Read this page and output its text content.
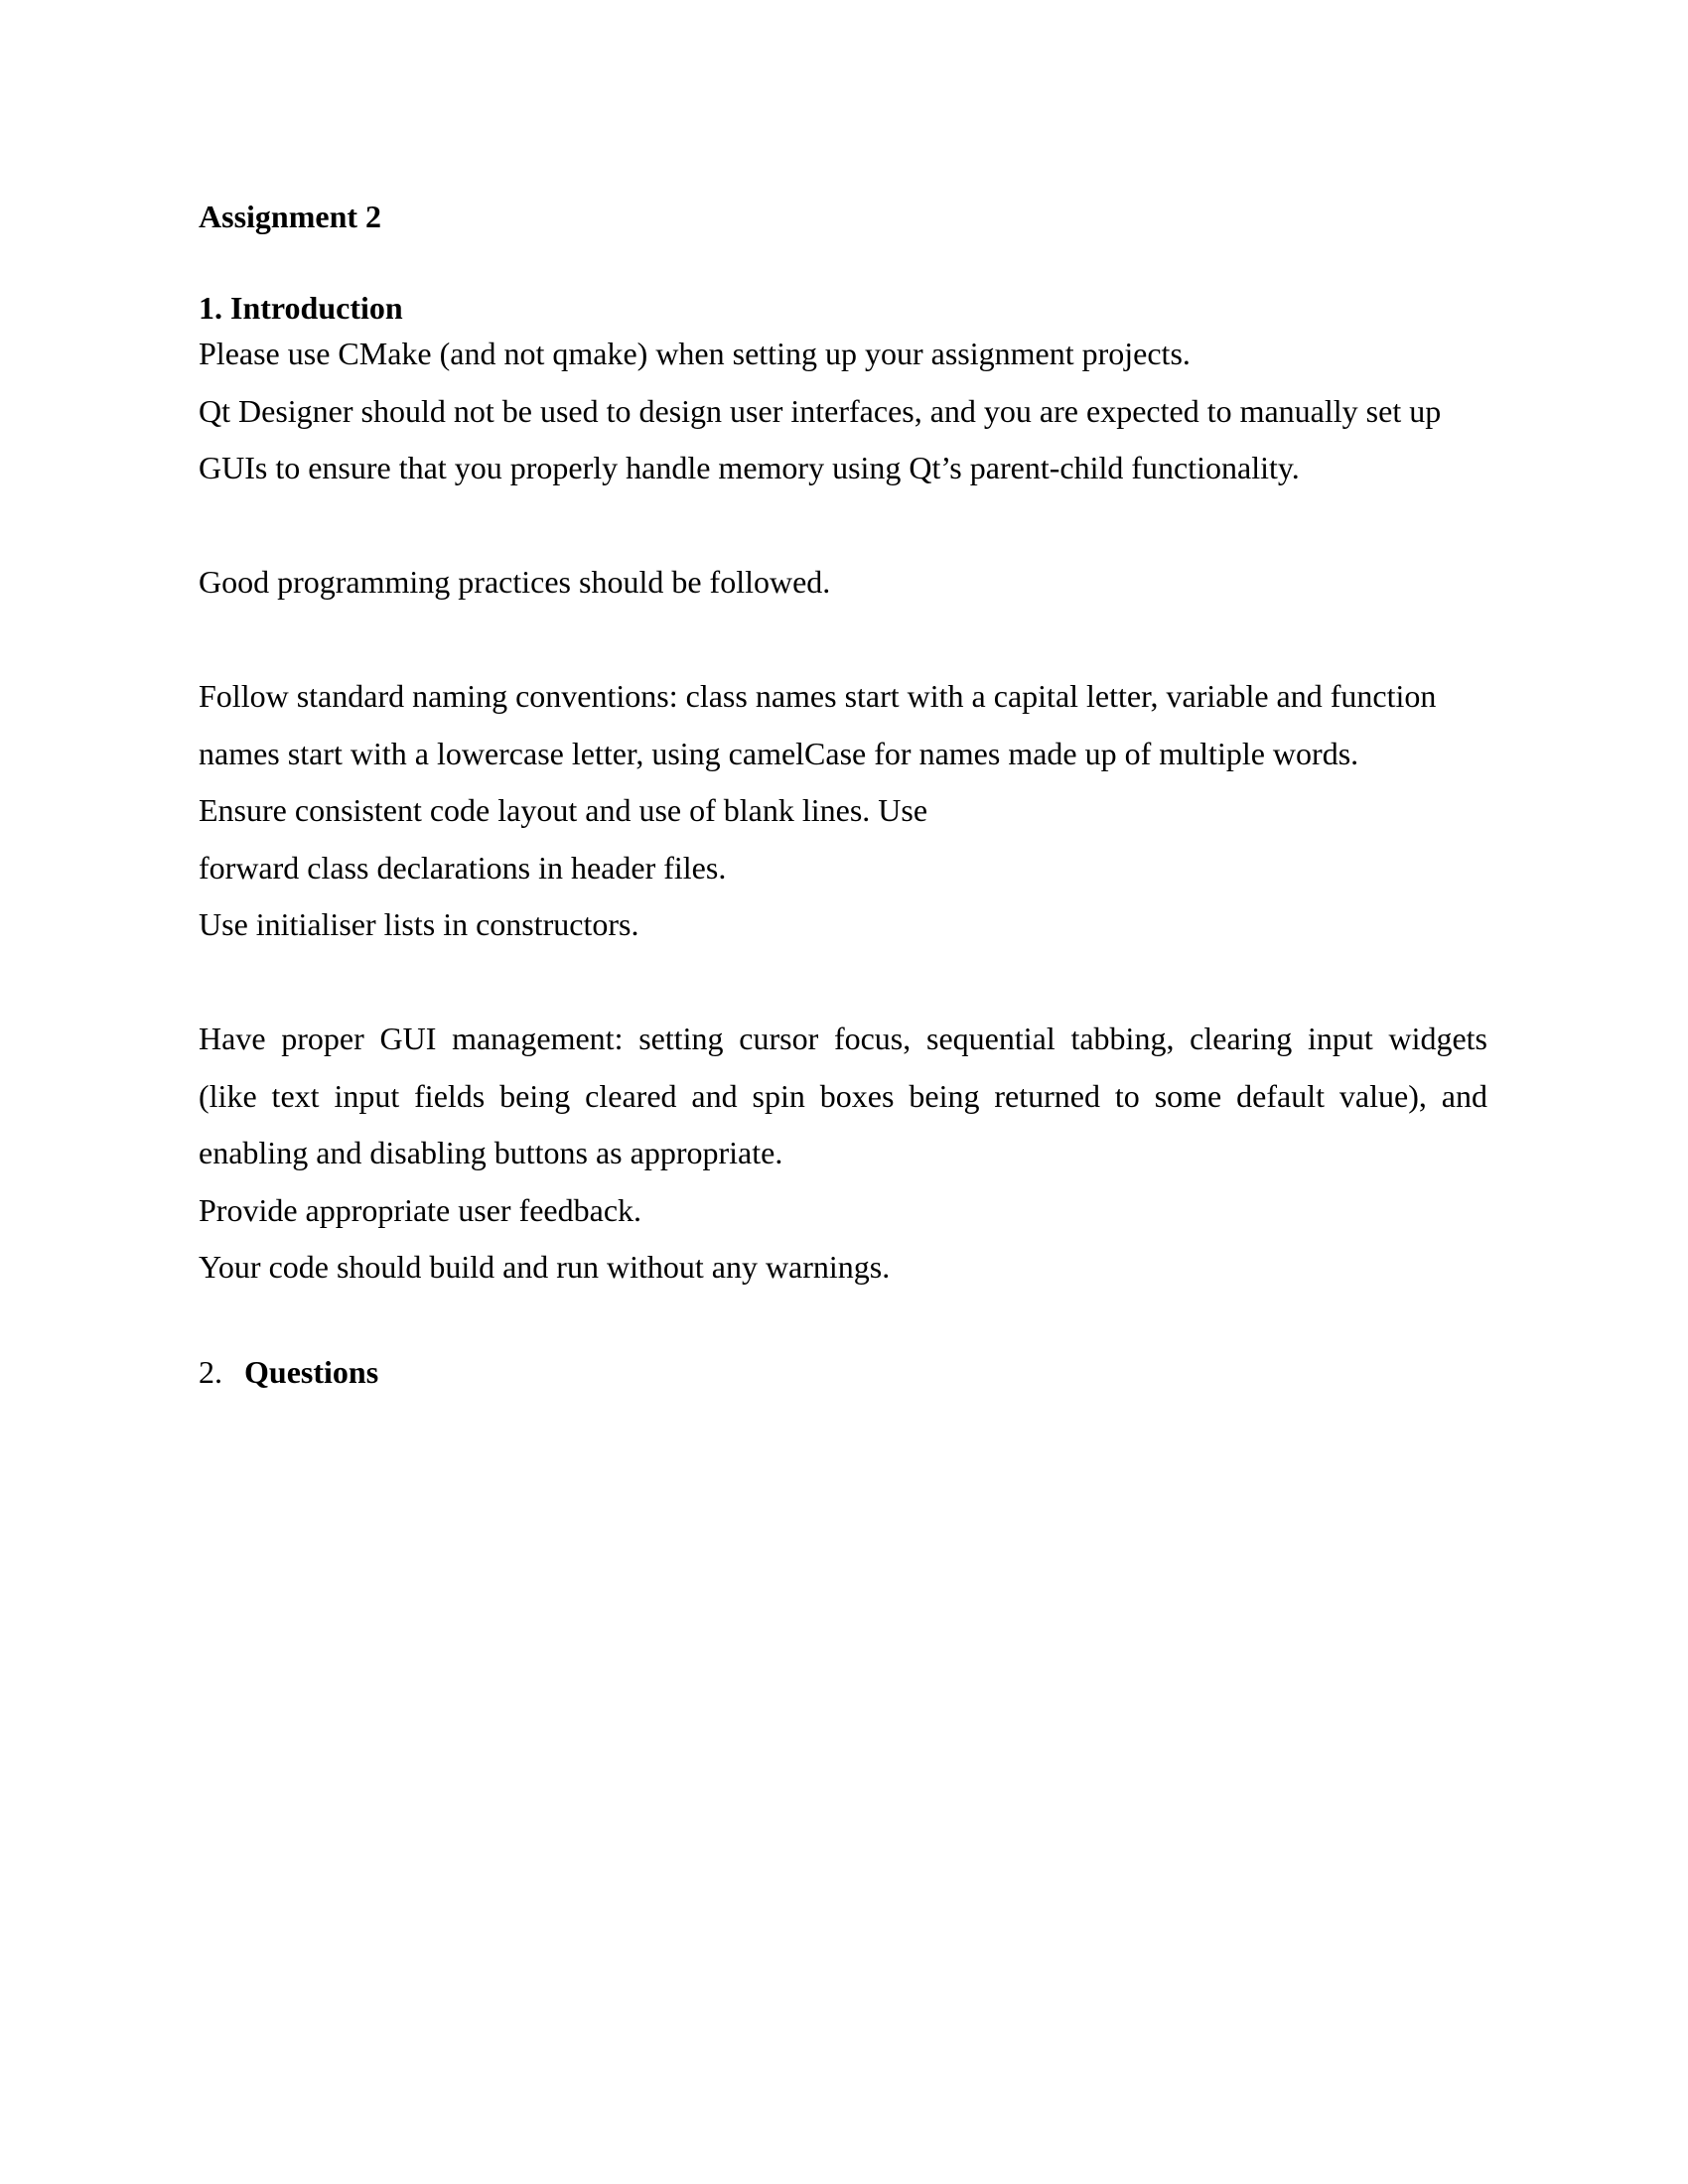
Assignment 2
1. Introduction
Please use CMake (and not qmake) when setting up your assignment projects.
Qt Designer should not be used to design user interfaces, and you are expected to manually set up
GUIs to ensure that you properly handle memory using Qt’s parent-child functionality.
Good programming practices should be followed.
Follow standard naming conventions: class names start with a capital letter, variable and function
names start with a lowercase letter, using camelCase for names made up of multiple words.
Ensure consistent code layout and use of blank lines. Use
forward class declarations in header files.
Use initialiser lists in constructors.
Have proper GUI management: setting cursor focus, sequential tabbing, clearing input widgets
(like text input fields being cleared and spin boxes being returned to some default value), and
enabling and disabling buttons as appropriate.
Provide appropriate user feedback.
Your code should build and run without any warnings.
2. Questions
